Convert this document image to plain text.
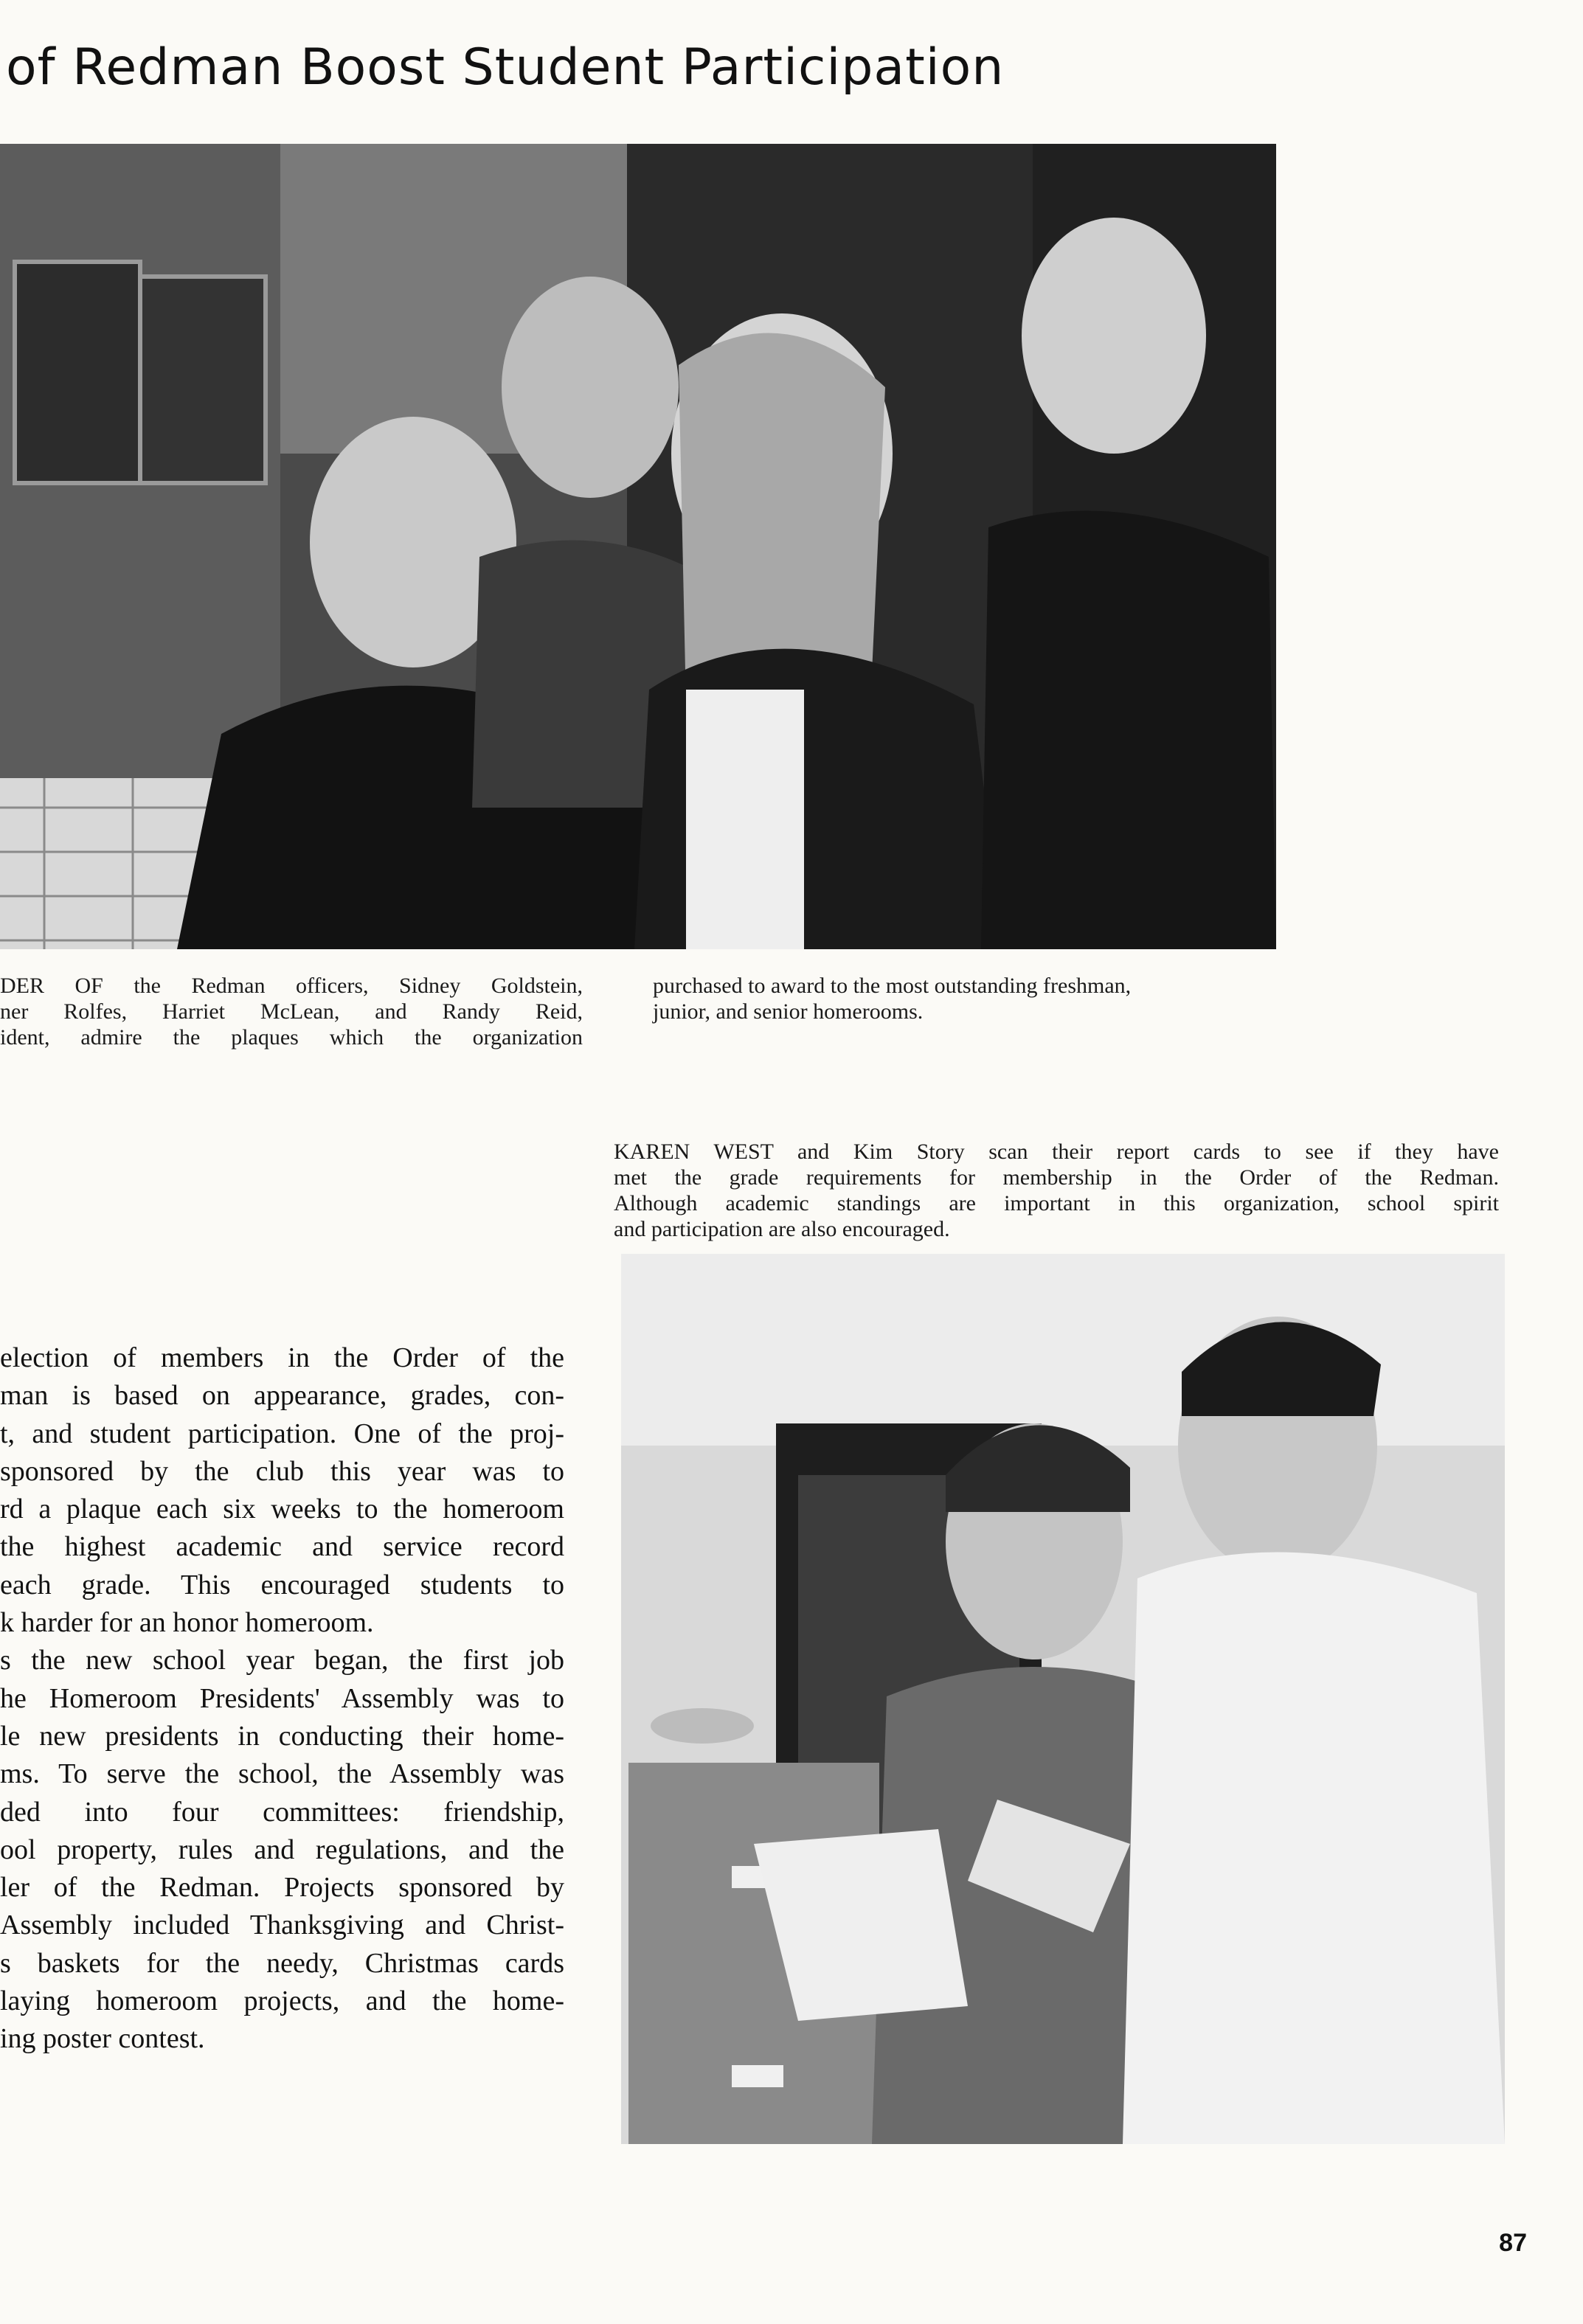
of Redman Boost Student Participation
DER OF the Redman officers, Sidney Goldstein,
ner Rolfes, Harriet McLean, and Randy Reid,
ident, admire the plaques which the organization
purchased to award to the most outstanding freshman,
junior, and senior homerooms.
KAREN WEST and Kim Story scan their report cards to see if they have
met the grade requirements for membership in the Order of the Redman.
Although academic standings are important in this organization, school spirit
and participation are also encouraged.
election of members in the Order of the
man is based on appearance, grades, con-
t, and student participation. One of the proj-
sponsored by the club this year was to
rd a plaque each six weeks to the homeroom
the highest academic and service record
each grade. This encouraged students to
k harder for an honor homeroom.
s the new school year began, the first job
he Homeroom Presidents' Assembly was to
le new presidents in conducting their home-
ms. To serve the school, the Assembly was
ded into four committees: friendship,
ool property, rules and regulations, and the
ler of the Redman. Projects sponsored by
Assembly included Thanksgiving and Christ-
s baskets for the needy, Christmas cards
laying homeroom projects, and the home-
ing poster contest.
87
